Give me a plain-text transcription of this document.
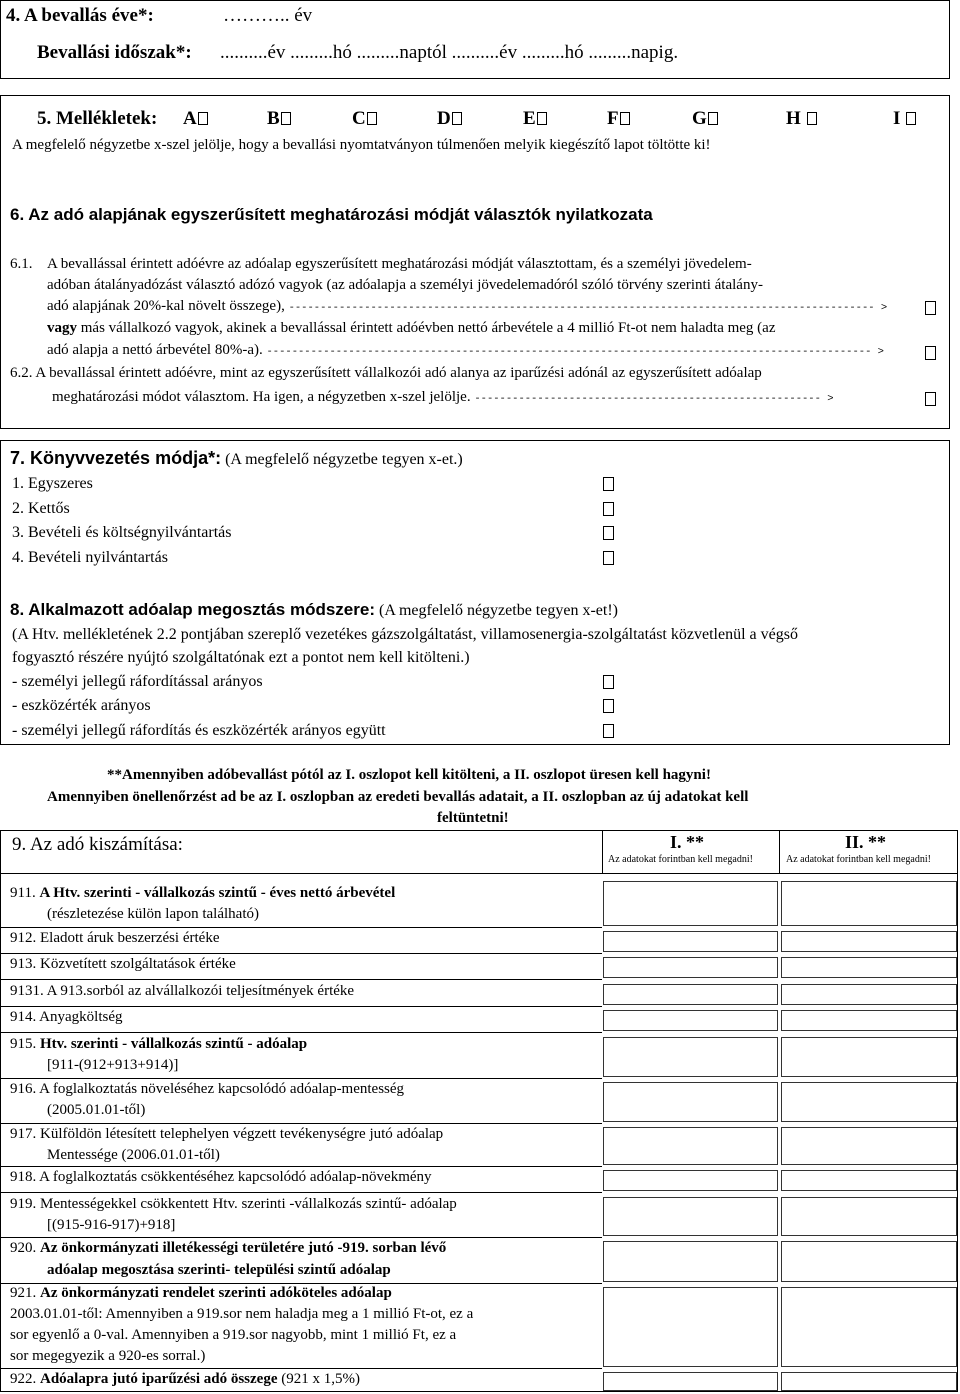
4. A bevallás éve*:	……….. év
Bevallási időszak*: ..........év .........hó .........naptól ..........év .........hó .........napig.
5. Mellékletek: A	B	C	D	E	F	G	H	I
A megfelelő négyzetbe x-szel jelölje, hogy a bevallási nyomtatványon túlmenően melyik kiegészítő lapot töltötte ki!
6. Az adó alapjának egyszerűsített meghatározási módját választók nyilatkozata
6.1. A bevallással érintett adóévre az adóalap egyszerűsített meghatározási módját választottam, és a személyi jövedelem-
adóban átalányadózást választó adózó vagyok (az adóalapja a személyi jövedelemadóról szóló törvény szerinti átalány-
adó alapjának 20%-kal növelt összege), --------------------------------------------------------------------------------------------- >
vagy más vállalkozó vagyok, akinek a bevallással érintett adóévben nettó árbevétele a 4 millió Ft-ot nem haladta meg (az
adó alapja a nettó árbevétel 80%-a). ------------------------------------------------------------------------------------------------ >
6.2. A bevallással érintett adóévre, mint az egyszerűsített vállalkozói adó alanya az iparűzési adónál az egyszerűsített adóalap
meghatározási módot választom. Ha igen, a négyzetben x-szel jelölje. ------------------------------------------------------- >
7. Könyvvezetés módja*: (A megfelelő négyzetbe tegyen x-et.)
1. Egyszeres
2. Kettős
3. Bevételi és költségnyilvántartás
4. Bevételi nyilvántartás
8. Alkalmazott adóalap megosztás módszere: (A megfelelő négyzetbe tegyen x-et!)
(A Htv. mellékletének 2.2 pontjában szereplő vezetékes gázszolgáltatást, villamosenergia-szolgáltatást közvetlenül a végső
fogyasztó részére nyújtó szolgáltatónak ezt a pontot nem kell kitölteni.)
- személyi jellegű ráfordítással arányos
- eszközérték arányos
- személyi jellegű ráfordítás és eszközérték arányos együtt
**Amennyiben adóbevallást pótól az I. oszlopot kell kitölteni, a II. oszlopot üresen kell hagyni!
Amennyiben önellenőrzést ad be az I. oszlopban az eredeti bevallás adatait, a II. oszlopban az új adatokat kell
feltüntetni!
9. Az adó kiszámítása:	I. **
Az adatokat forintban kell megadni!
II. **
Az adatokat forintban kell megadni!
911. A Htv. szerinti - vállalkozás szintű - éves nettó árbevétel
(részletezése külön lapon található)
912. Eladott áruk beszerzési értéke
913. Közvetített szolgáltatások értéke
9131. A 913.sorból az alvállalkozói teljesítmények értéke
914. Anyagköltség
915. Htv. szerinti - vállalkozás szintű - adóalap
[911-(912+913+914)]
916. A foglalkoztatás növeléséhez kapcsolódó adóalap-mentesség
(2005.01.01-től)
917. Külföldön létesített telephelyen végzett tevékenységre jutó adóalap
Mentessége (2006.01.01-től)
918. A foglalkoztatás csökkentéséhez kapcsolódó adóalap-növekmény
919. Mentességekkel csökkentett Htv. szerinti -vállalkozás szintű- adóalap
[(915-916-917)+918]
920. Az önkormányzati illetékességi területére jutó -919. sorban lévő
adóalap megosztása szerinti- települési szintű adóalap
921. Az önkormányzati rendelet szerinti adóköteles adóalap
2003.01.01-től: Amennyiben a 919.sor nem haladja meg a 1 millió Ft-ot, ez a
sor egyenlő a 0-val. Amennyiben a 919.sor nagyobb, mint 1 millió Ft, ez a
sor megegyezik a 920-es sorral.)
922. Adóalapra jutó iparűzési adó összege (921 x 1,5%)
